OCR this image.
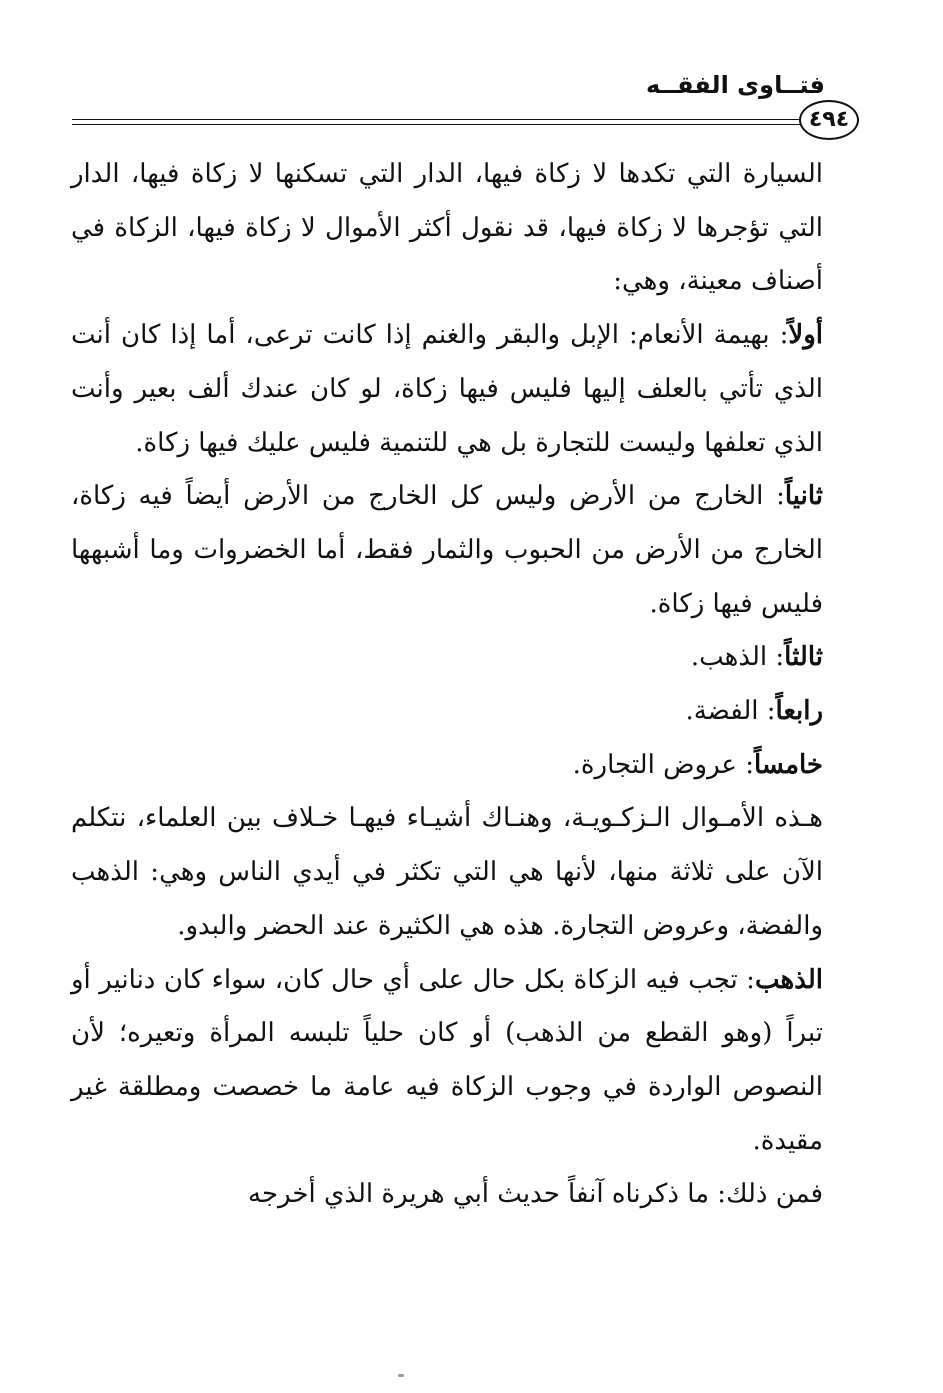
فتــاوى الفقــه
٤٩٤

السيارة التي تكدها لا زكاة فيها، الدار التي تسكنها لا زكاة فيها، الدار التي تؤجرها لا زكاة فيها، قد نقول أكثر الأموال لا زكاة فيها، الزكاة في أصناف معينة، وهي:

أولاً: بهيمة الأنعام: الإبل والبقر والغنم إذا كانت ترعى، أما إذا كان أنت الذي تأتي بالعلف إليها فليس فيها زكاة، لو كان عندك ألف بعير وأنت الذي تعلفها وليست للتجارة بل هي للتنمية فليس عليك فيها زكاة.

ثانياً: الخارج من الأرض وليس كل الخارج من الأرض أيضاً فيه زكاة، الخارج من الأرض من الحبوب والثمار فقط، أما الخضروات وما أشبهها فليس فيها زكاة.

ثالثاً: الذهب.

رابعاً: الفضة.

خامساً: عروض التجارة.

هـذه الأمـوال الـزكـويـة، وهنـاك أشيـاء فيهـا خـلاف بين العلماء، نتكلم الآن على ثلاثة منها، لأنها هي التي تكثر في أيدي الناس وهي: الذهب والفضة، وعروض التجارة. هذه هي الكثيرة عند الحضر والبدو.

الذهب: تجب فيه الزكاة بكل حال على أي حال كان، سواء كان دنانير أو تبراً (وهو القطع من الذهب) أو كان حلياً تلبسه المرأة وتعيره؛ لأن النصوص الواردة في وجوب الزكاة فيه عامة ما خصصت ومطلقة غير مقيدة.

فمن ذلك: ما ذكرناه آنفاً حديث أبي هريرة الذي أخرجه
